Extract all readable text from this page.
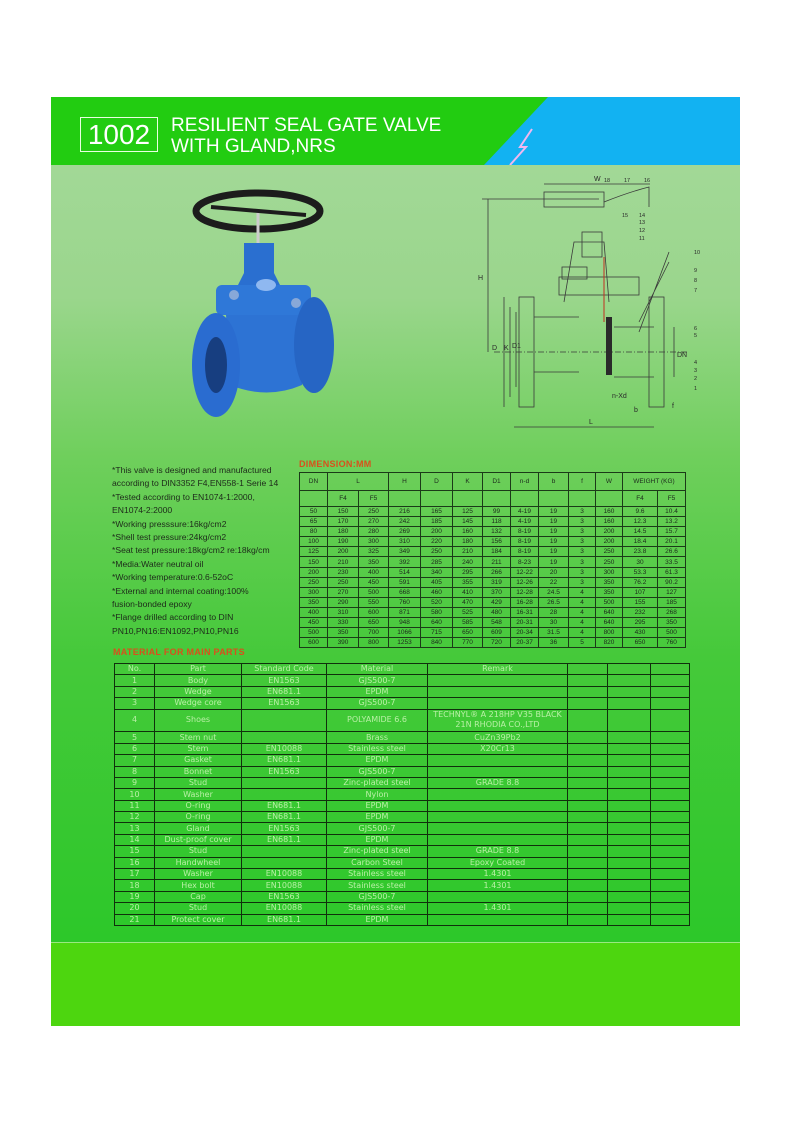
1002	RESILIENT SEAL GATE VALVE
WITH GLAND,NRS
W
H
D K D1
DN
L
n-Xd
b
f
18	17	16
15 14
13
12
11
10
9
8
7
6
5
4
3
2
1
*This valve is designed and manufactured
according to DIN3352 F4,EN558-1 Serie 14
*Tested according to EN1074-1:2000,
EN1074-2:2000
*Working presssure:16kg/cm2
*Shell test pressure:24kg/cm2
*Seat test pressure:18kg/cm2 re:18kg/cm
*Media:Water neutral oil
*Working temperature:0.6-52oC
*External and internal coating:100%
fusion-bonded epoxy
*Flange drilled according to DIN
PN10,PN16:EN1092,PN10,PN16
DIMENSION:MM
DN	L		H	D	K	D1	n-d	b	f	W	WEIGHT (KG)	
	F4	F5									F4	F5
50	150	250	216	165	125	99	4-19	19	3	160	9.6	10.4
65	170	270	242	185	145	118	4-19	19	3	160	12.3	13.2
80	180	280	269	200	160	132	8-19	19	3	200	14.5	15.7
100	190	300	310	220	180	156	8-19	19	3	200	18.4	20.1
125	200	325	349	250	210	184	8-19	19	3	250	23.8	26.6
150	210	350	392	285	240	211	8-23	19	3	250	30	33.5
200	230	400	514	340	295	266	12-22	20	3	300	53.3	61.3
250	250	450	591	405	355	319	12-26	22	3	350	76.2	90.2
300	270	500	668	460	410	370	12-28	24.5	4	350	107	127
350	290	550	760	520	470	429	16-28	26.5	4	500	155	185
400	310	600	871	580	525	480	16-31	28	4	640	232	268
450	330	650	948	640	585	548	20-31	30	4	640	295	350
500	350	700	1066	715	650	609	20-34	31.5	4	800	430	500
600	390	800	1253	840	770	720	20-37	36	5	820	650	760
MATERIAL FOR MAIN PARTS
No.	Part	Standard Code	Material	Remark			
1	Body	EN1563	GJS500-7				
2	Wedge	EN681.1	EPDM				
3	Wedge core	EN1563	GJS500-7				
4	Shoes		POLYAMIDE 6.6	TECHNYL® A 218HP V35 BLACK
21N RHODIA CO.,LTD			

5	Stem nut		Brass	CuZn39Pb2			
6	Stem	EN10088	Stainless steel	X20Cr13			
7	Gasket	EN681.1	EPDM				
8	Bonnet	EN1563	GJS500-7				
9	Stud		Zinc-plated steel	GRADE 8.8			
10	Washer		Nylon				
11	O-ring	EN681.1	EPDM				
12	O-ring	EN681.1	EPDM				
13	Gland	EN1563	GJS500-7				
14	Dust-proof cover	EN681.1	EPDM				
15	Stud		Zinc-plated steel	GRADE 8.8			
16	Handwheel		Carbon Steel	Epoxy Coated			
17	Washer	EN10088	Stainless steel	1.4301			
18	Hex bolt	EN10088	Stainless steel	1.4301			
19	Cap	EN1563	GJS500-7				
20	Stud	EN10088	Stainless steel	1.4301			
21	Protect cover	EN681.1	EPDM				
